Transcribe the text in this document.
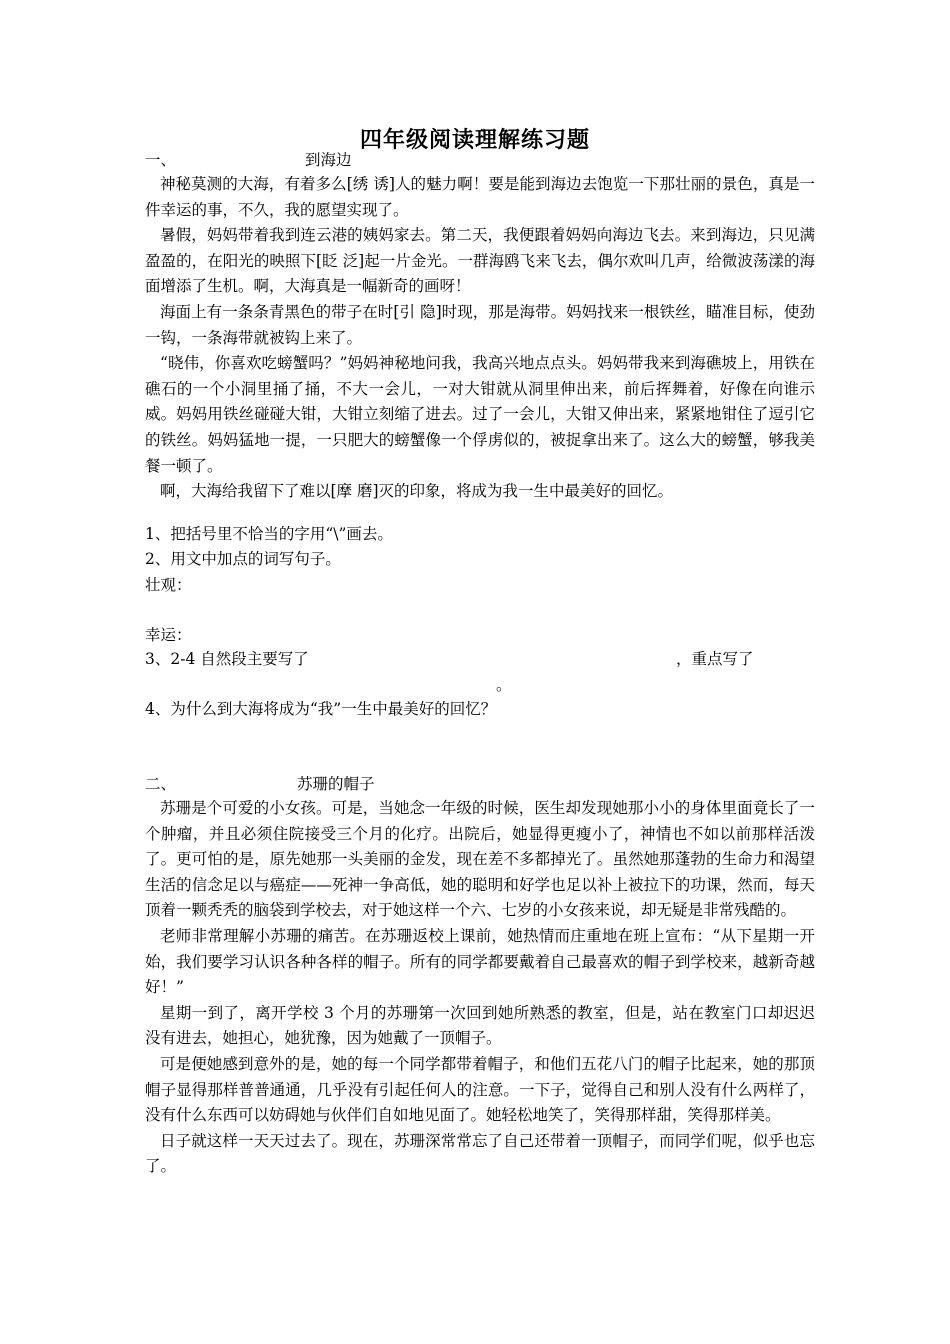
四年级阅读理解练习题
一、	到海边

神秘莫测的大海，有着多么[绣 诱]人的魅力啊！要是能到海边去饱览一下那壮丽的景色，真是一件幸运的事，不久，我的愿望实现了。

暑假，妈妈带着我到连云港的姨妈家去。第二天，我便跟着妈妈向海边飞去。来到海边，只见满盈盈的，在阳光的映照下[眨 泛]起一片金光。一群海鸥飞来飞去，偶尔欢叫几声，给微波荡漾的海面增添了生机。啊，大海真是一幅新奇的画呀！

海面上有一条条青黑色的带子在时[引 隐]时现，那是海带。妈妈找来一根铁丝，瞄准目标，使劲一钩，一条海带就被钩上来了。

“晓伟，你喜欢吃螃蟹吗？”妈妈神秘地问我，我高兴地点点头。妈妈带我来到海礁坡上，用铁在礁石的一个小洞里捅了捅，不大一会儿，一对大钳就从洞里伸出来，前后挥舞着，好像在向谁示威。妈妈用铁丝碰碰大钳，大钳立刻缩了进去。过了一会儿，大钳又伸出来，紧紧地钳住了逗引它的铁丝。妈妈猛地一提，一只肥大的螃蟹像一个俘虏似的，被捉拿出来了。这么大的螃蟹，够我美餐一顿了。

啊，大海给我留下了难以[摩 磨]灭的印象，将成为我一生中最美好的回忆。

1、把括号里不恰当的字用“\”画去。
2、用文中加点的词写句子。
壮观：
幸运：
3、2-4 自然段主要写了	，重点写了
。
4、为什么到大海将成为“我”一生中最美好的回忆？
二、	苏珊的帽子

苏珊是个可爱的小女孩。可是，当她念一年级的时候，医生却发现她那小小的身体里面竟长了一个肿瘤，并且必须住院接受三个月的化疗。出院后，她显得更瘦小了，神情也不如以前那样活泼了。更可怕的是，原先她那一头美丽的金发，现在差不多都掉光了。虽然她那蓬勃的生命力和渴望生活的信念足以与癌症——死神一争高低，她的聪明和好学也足以补上被拉下的功课，然而，每天顶着一颗秃秃的脑袋到学校去，对于她这样一个六、七岁的小女孩来说，却无疑是非常残酷的。

老师非常理解小苏珊的痛苦。在苏珊返校上课前，她热情而庄重地在班上宣布：“从下星期一开始，我们要学习认识各种各样的帽子。所有的同学都要戴着自己最喜欢的帽子到学校来，越新奇越好！”

星期一到了，离开学校 3 个月的苏珊第一次回到她所熟悉的教室，但是，站在教室门口却迟迟没有进去，她担心，她犹豫，因为她戴了一顶帽子。

可是便她感到意外的是，她的每一个同学都带着帽子，和他们五花八门的帽子比起来，她的那顶帽子显得那样普普通通，几乎没有引起任何人的注意。一下子，觉得自己和别人没有什么两样了，没有什么东西可以妨碍她与伙伴们自如地见面了。她轻松地笑了，笑得那样甜，笑得那样美。

日子就这样一天天过去了。现在，苏珊深常常忘了自己还带着一顶帽子，而同学们呢，似乎也忘了。
